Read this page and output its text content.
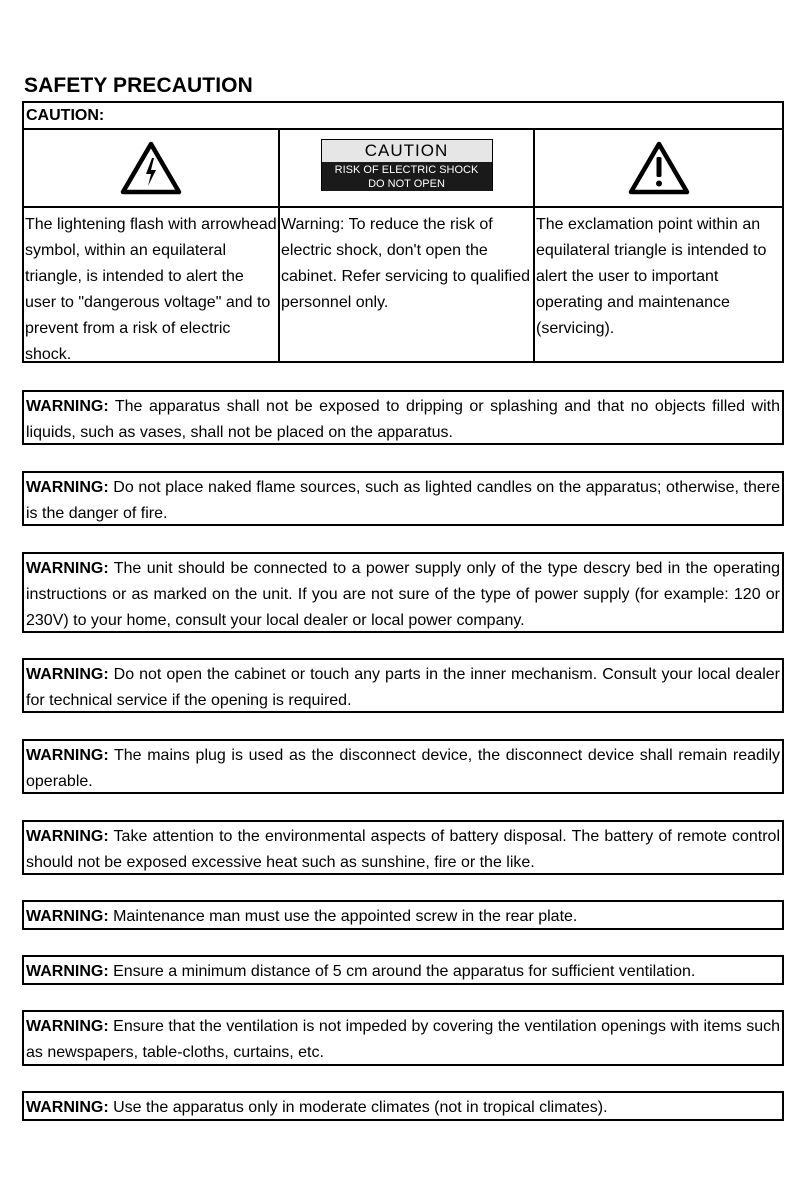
SAFETY PRECAUTION
CAUTION:
The lightening flash with arrowhead symbol, within an equilateral triangle, is intended to alert the user to "dangerous voltage" and to prevent from a risk of electric shock.
CAUTION
RISK OF ELECTRIC SHOCK
DO NOT OPEN
Warning: To reduce the risk of electric shock, don't open the cabinet. Refer servicing to qualified personnel only.
The exclamation point within an equilateral triangle is intended to alert the user to important operating and maintenance (servicing).
WARNING: The apparatus shall not be exposed to dripping or splashing and that no objects filled with liquids, such as vases, shall not be placed on the apparatus.
WARNING: Do not place naked flame sources, such as lighted candles on the apparatus; otherwise, there is the danger of fire.
WARNING: The unit should be connected to a power supply only of the type descry bed in the operating instructions or as marked on the unit. If you are not sure of the type of power supply (for example: 120 or 230V) to your home, consult your local dealer or local power company.
WARNING: Do not open the cabinet or touch any parts in the inner mechanism. Consult your local dealer for technical service if the opening is required.
WARNING: The mains plug is used as the disconnect device, the disconnect device shall remain readily operable.
WARNING: Take attention to the environmental aspects of battery disposal. The battery of remote control should not be exposed excessive heat such as sunshine, fire or the like.
WARNING: Maintenance man must use the appointed screw in the rear plate.
WARNING: Ensure a minimum distance of 5 cm around the apparatus for sufficient ventilation.
WARNING: Ensure that the ventilation is not impeded by covering the ventilation openings with items such as newspapers, table-cloths, curtains, etc.
WARNING: Use the apparatus only in moderate climates (not in tropical climates).
